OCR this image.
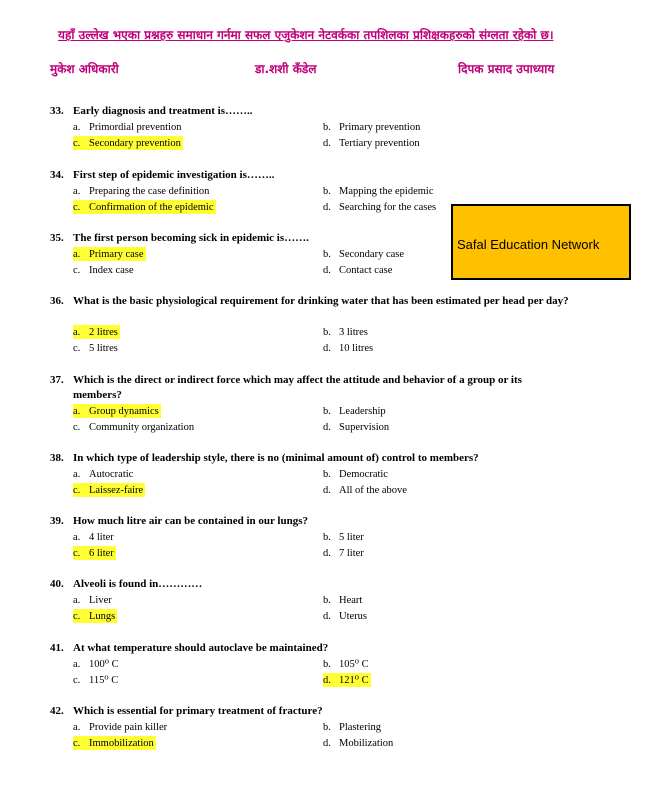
यहाँ उल्लेख भएका प्रश्नहरु समाधान गर्नमा सफल एजुकेशन नेटवर्कका तपशिलका प्रशिक्षकहरुको संग्लता रहेको छ।
मुकेश अधिकारी	डा.शशी कँडेल	दिपक प्रसाद उपाध्याय
33. Early diagnosis and treatment is……..
a. Primordial prevention	b. Primary prevention
c. Secondary prevention	d. Tertiary prevention
34. First step of epidemic investigation is……..
a. Preparing the case definition	b. Mapping the epidemic
c. Confirmation of the epidemic	d. Searching for the cases
35. The first person becoming sick in epidemic is…….
a. Primary case	b. Secondary case
c. Index case	d. Contact case
36. What is the basic physiological requirement for drinking water that has been estimated per head per day?
a. 2 litres	b. 3 litres
c. 5 litres	d. 10 litres
37. Which is the direct or indirect force which may affect the attitude and behavior of a group or its members?
a. Group dynamics	b. Leadership
c. Community organization	d. Supervision
38. In which type of leadership style, there is no (minimal amount of) control to members?
a. Autocratic	b. Democratic
c. Laissez-faire	d. All of the above
39. How much litre air can be contained in our lungs?
a. 4 liter	b. 5 liter
c. 6 liter	d. 7 liter
40. Alveoli is found in…………
a. Liver	b. Heart
c. Lungs	d. Uterus
41. At what temperature should autoclave be maintained?
a. 100⁰ C	b. 105⁰ C
c. 115⁰ C	d. 121⁰ C
42. Which is essential for primary treatment of fracture?
a. Provide pain killer	b. Plastering
c. Immobilization	d. Mobilization
Safal Education Network
